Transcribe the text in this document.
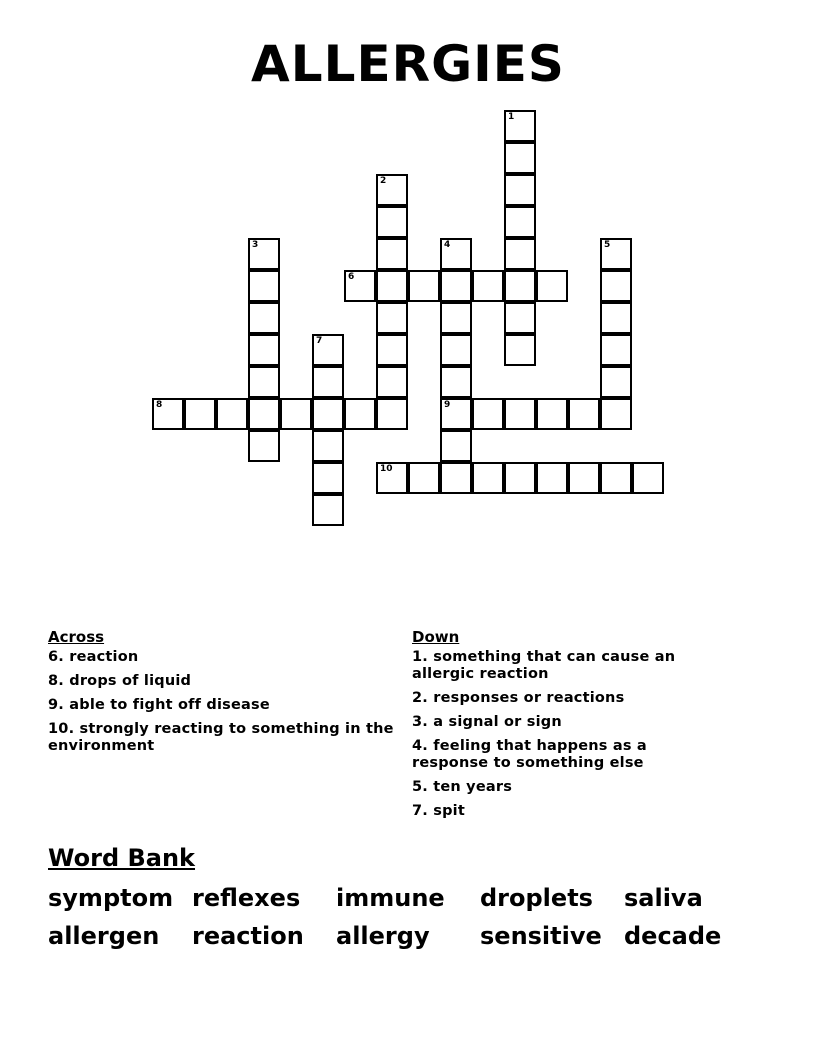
ALLERGIES
1
2
3	4
9
5
6
7
8
10
Across
6. reaction
8. drops of liquid
9. able to fight off disease
10. strongly reacting to something in the environment
Down
1. something that can cause an allergic reaction
2. responses or reactions
3. a signal or sign
4. feeling that happens as a response to something else
5. ten years
7. spit
Word Bank
symptom reflexes immune droplets saliva
allergen reaction allergy sensitive decade
